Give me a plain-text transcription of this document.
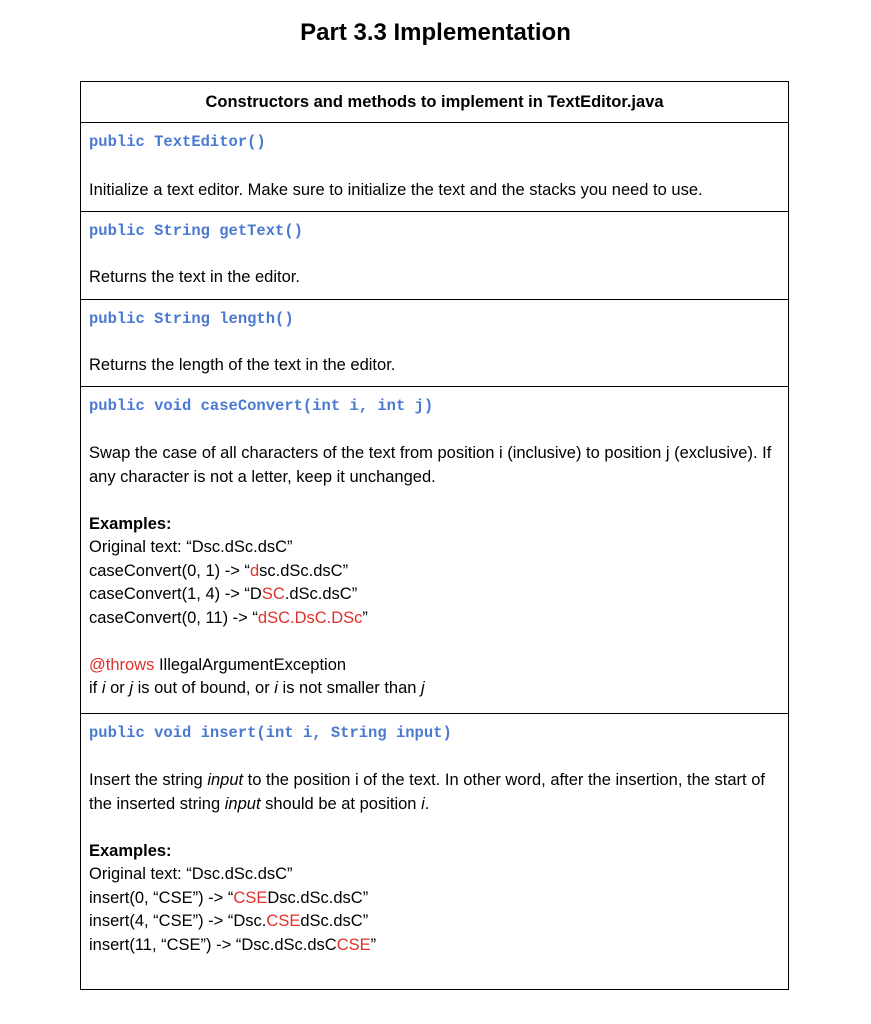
Part 3.3 Implementation
Constructors and methods to implement in TextEditor.java
public TextEditor()
Initialize a text editor. Make sure to initialize the text and the stacks you need to use.
public String getText()
Returns the text in the editor.
public String length()
Returns the length of the text in the editor.
public void caseConvert(int i, int j)

Swap the case of all characters of the text from position i (inclusive) to position j (exclusive). If any character is not a letter, keep it unchanged.

Examples:

Original text: “Dsc.dSc.dsC”

caseConvert(0, 1) -> “dsc.dSc.dsC”

caseConvert(1, 4) -> “DSC.dSc.dsC”

caseConvert(0, 11) -> “dSC.DsC.DSc”

@throws IllegalArgumentException

if i or j is out of bound, or i is not smaller than j

public void insert(int i, String input)

Insert the string input to the position i of the text. In other word, after the insertion, the start of the inserted string input should be at position i.

Examples:

Original text: “Dsc.dSc.dsC”

insert(0, “CSE”) -> “CSEDsc.dSc.dsC”

insert(4, “CSE”) -> “Dsc.CSEdSc.dsC”

insert(11, “CSE”) -> “Dsc.dSc.dsCCSE”
